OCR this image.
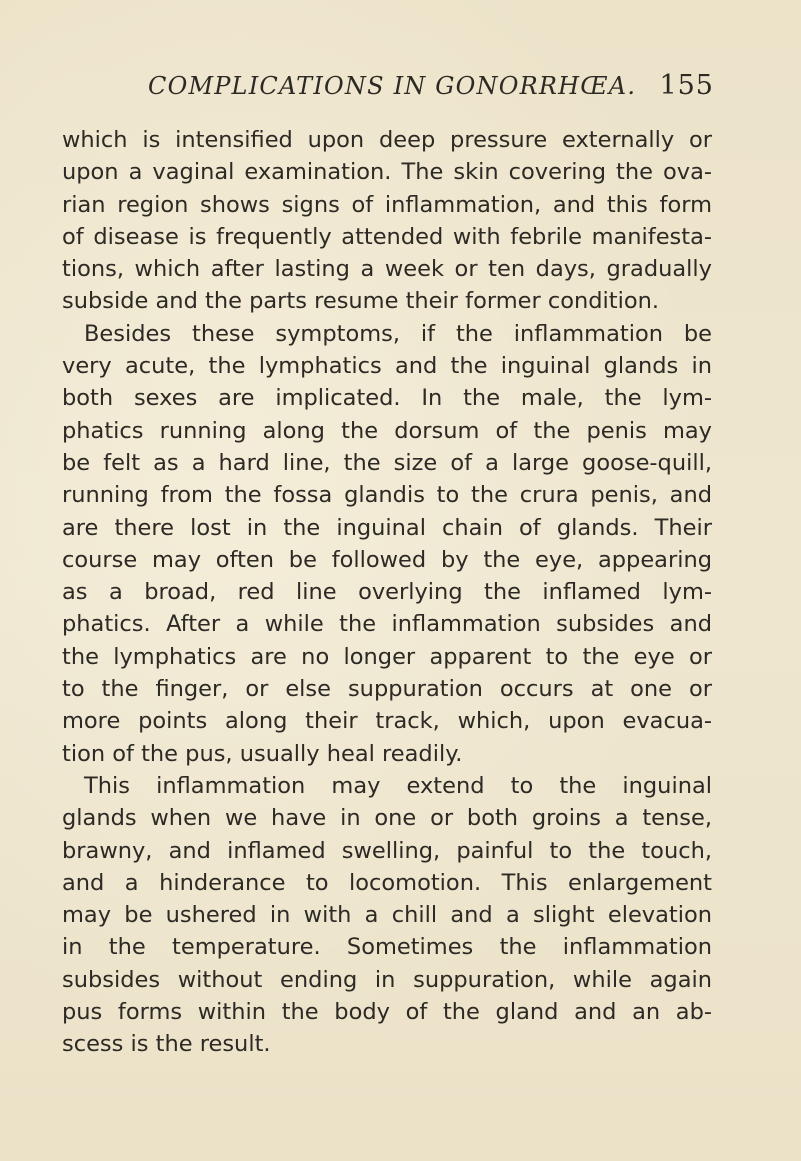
COMPLICATIONS IN GONORRHŒA. 155
which is intensified upon deep pressure externally or
upon a vaginal examination. The skin covering the ova-
rian region shows signs of inflammation, and this form
of disease is frequently attended with febrile manifesta-
tions, which after lasting a week or ten days, gradually
subside and the parts resume their former condition.
Besides these symptoms, if the inflammation be
very acute, the lymphatics and the inguinal glands in
both sexes are implicated. In the male, the lym-
phatics running along the dorsum of the penis may
be felt as a hard line, the size of a large goose-quill,
running from the fossa glandis to the crura penis, and
are there lost in the inguinal chain of glands. Their
course may often be followed by the eye, appearing
as a broad, red line overlying the inflamed lym-
phatics. After a while the inflammation subsides and
the lymphatics are no longer apparent to the eye or
to the finger, or else suppuration occurs at one or
more points along their track, which, upon evacua-
tion of the pus, usually heal readily.
This inflammation may extend to the inguinal
glands when we have in one or both groins a tense,
brawny, and inflamed swelling, painful to the touch,
and a hinderance to locomotion. This enlargement
may be ushered in with a chill and a slight elevation
in the temperature. Sometimes the inflammation
subsides without ending in suppuration, while again
pus forms within the body of the gland and an ab-
scess is the result.
